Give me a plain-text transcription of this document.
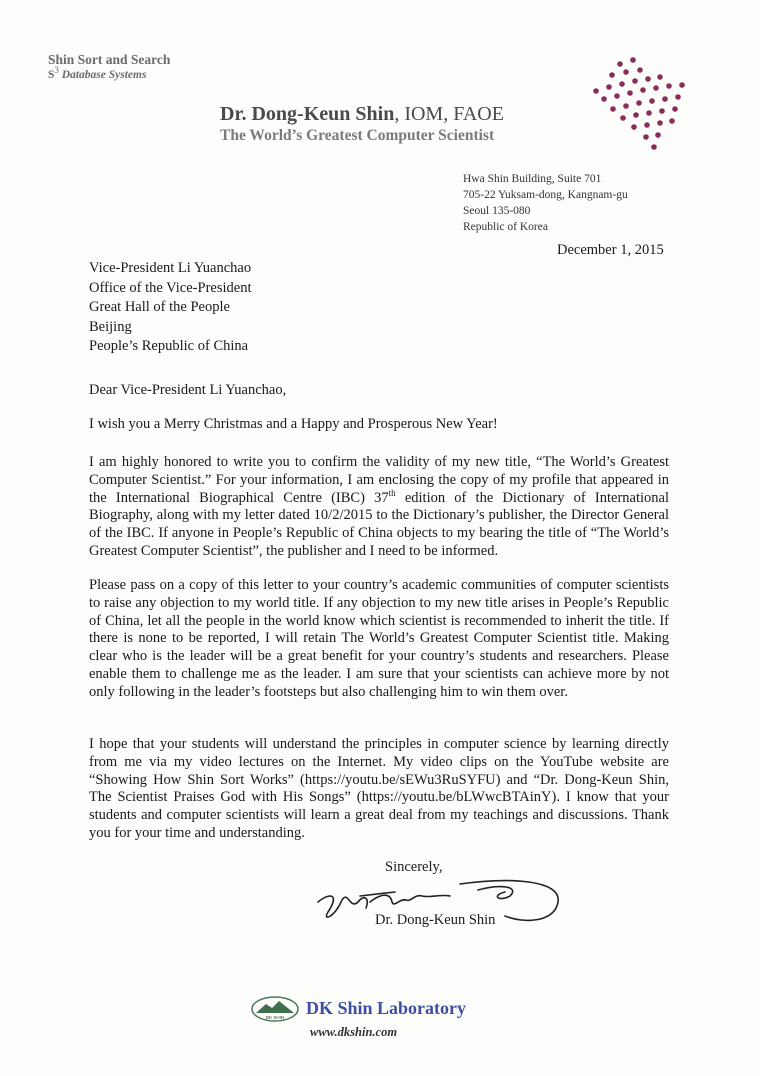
Shin Sort and Search
$S^3$ Database Systems
Dr. Dong-Keun Shin, IOM, FAOE
The World’s Greatest Computer Scientist
Hwa Shin Building, Suite 701
705-22 Yuksam-dong, Kangnam-gu
Seoul 135-080
Republic of Korea
December 1, 2015
Vice-President Li Yuanchao
Office of the Vice-President
Great Hall of the People
Beijing
People’s Republic of China
Dear Vice-President Li Yuanchao,
I wish you a Merry Christmas and a Happy and Prosperous New Year!
I am highly honored to write you to confirm the validity of my new title, “The World’s Greatest Computer Scientist.” For your information, I am enclosing the copy of my profile that appeared in the International Biographical Centre (IBC) 37th edition of the Dictionary of International Biography, along with my letter dated 10/2/2015 to the Dictionary’s publisher, the Director General of the IBC. If anyone in People’s Republic of China objects to my bearing the title of “The World’s Greatest Computer Scientist”, the publisher and I need to be informed.
Please pass on a copy of this letter to your country’s academic communities of computer scientists to raise any objection to my world title. If any objection to my new title arises in People’s Republic of China, let all the people in the world know which scientist is recommended to inherit the title. If there is none to be reported, I will retain The World’s Greatest Computer Scientist title. Making clear who is the leader will be a great benefit for your country’s students and researchers. Please enable them to challenge me as the leader. I am sure that your scientists can achieve more by not only following in the leader’s footsteps but also challenging him to win them over.
I hope that your students will understand the principles in computer science by learning directly from me via my video lectures on the Internet. My video clips on the YouTube website are “Showing How Shin Sort Works” (https://youtu.be/sEWu3RuSYFU) and “Dr. Dong-Keun Shin, The Scientist Praises God with His Songs” (https://youtu.be/bLWwcBTAinY). I know that your students and computer scientists will learn a great deal from my teachings and discussions. Thank you for your time and understanding.
Sincerely,
Dr. Dong-Keun Shin
DK SHIN DK Shin Laboratory
www.dkshin.com
